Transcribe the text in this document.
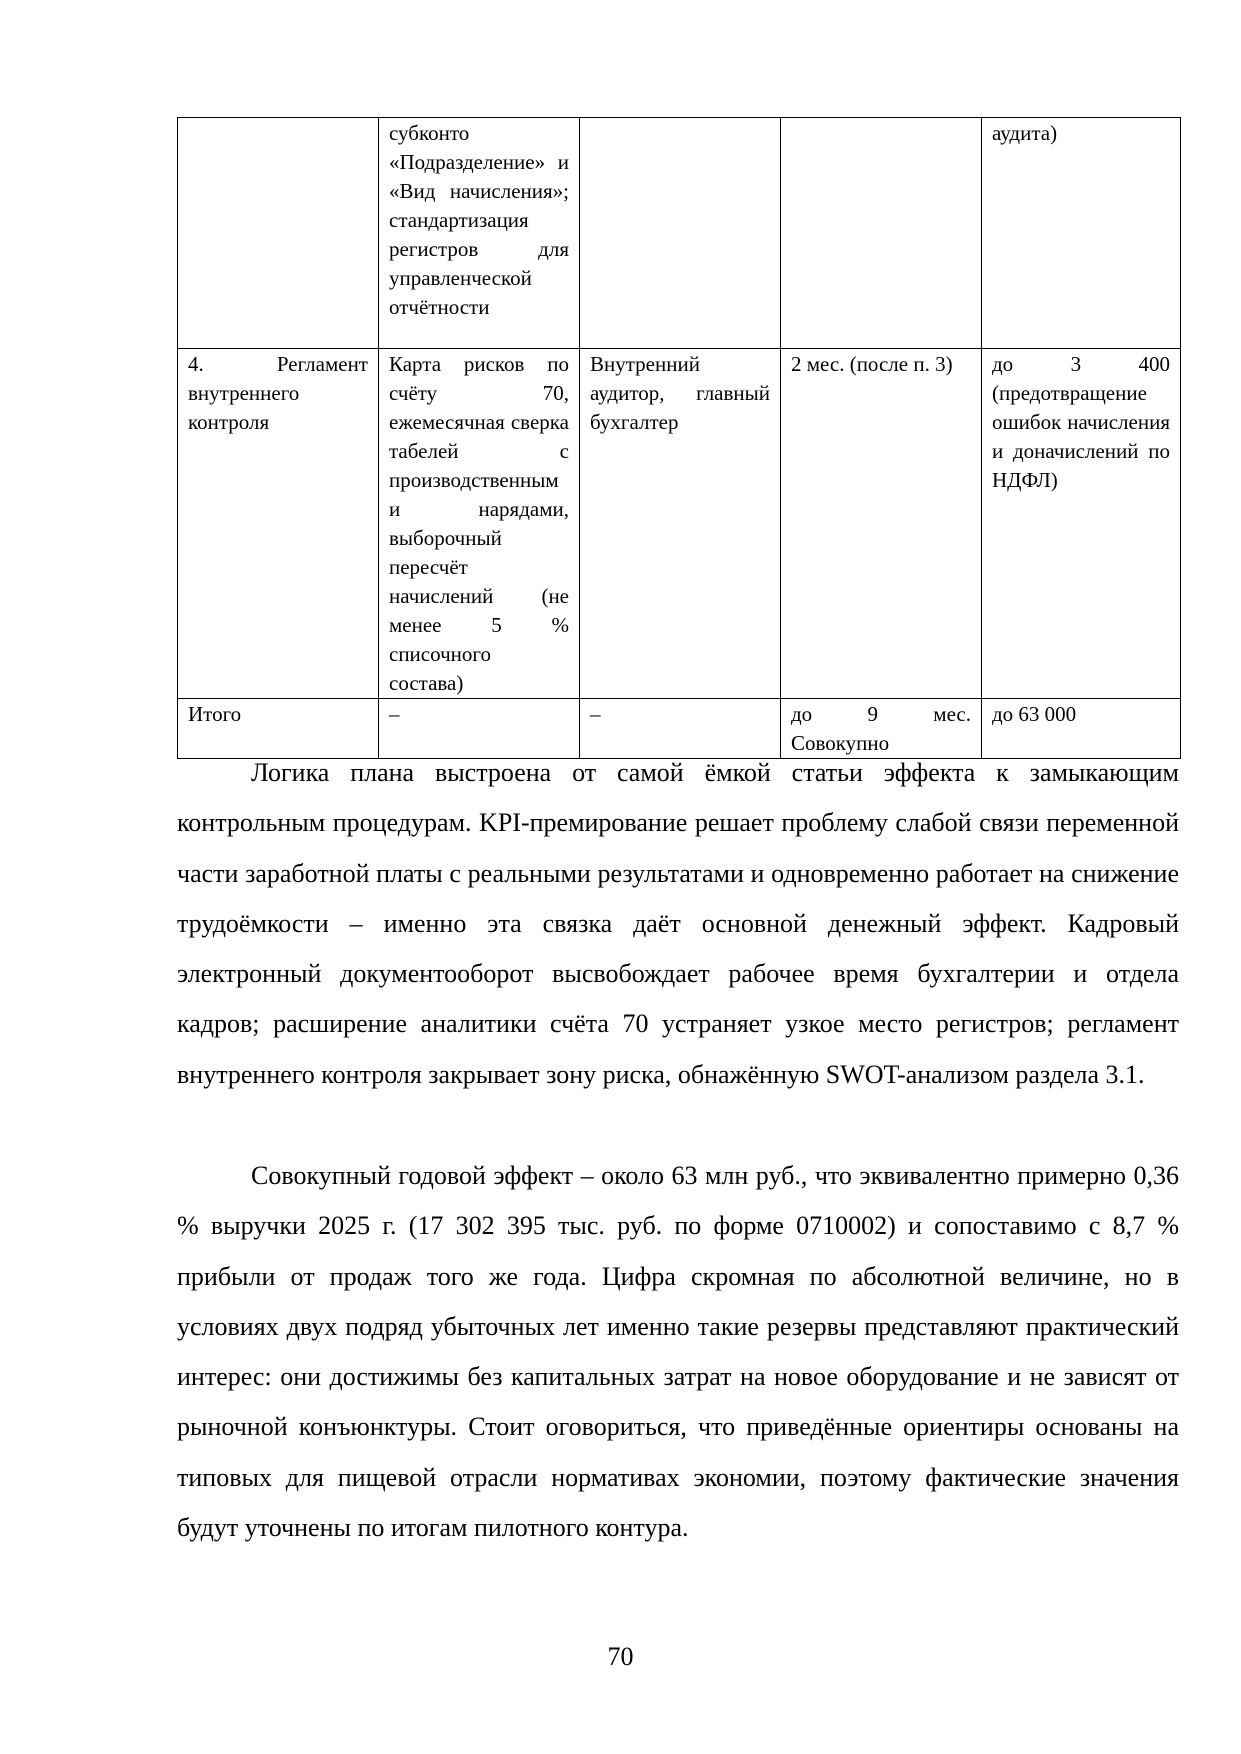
	субконто «Подразделение» и «Вид начисления»; стандартизация регистров для управленческой отчётности			аудита)
4. Регламент внутреннего контроля	Карта рисков по счёту 70, ежемесячная сверка табелей с производственными нарядами, выборочный пересчёт начислений (не менее 5 % списочного состава)	Внутренний аудитор, главный бухгалтер	2 мес. (после п. 3)	до 3 400 (предотвращение ошибок начисления и доначислений по НДФЛ)
Итого	–	–	до 9 мес. Совокупно	до 63 000

Логика плана выстроена от самой ёмкой статьи эффекта к замыкающим контрольным процедурам. KPI-премирование решает проблему слабой связи переменной части заработной платы с реальными результатами и одновременно работает на снижение трудоёмкости – именно эта связка даёт основной денежный эффект. Кадровый электронный документооборот высвобождает рабочее время бухгалтерии и отдела кадров; расширение аналитики счёта 70 устраняет узкое место регистров; регламент внутреннего контроля закрывает зону риска, обнажённую SWOT-анализом раздела 3.1.

Совокупный годовой эффект – около 63 млн руб., что эквивалентно примерно 0,36 % выручки 2025 г. (17 302 395 тыс. руб. по форме 0710002) и сопоставимо с 8,7 % прибыли от продаж того же года. Цифра скромная по абсолютной величине, но в условиях двух подряд убыточных лет именно такие резервы представляют практический интерес: они достижимы без капитальных затрат на новое оборудование и не зависят от рыночной конъюнктуры. Стоит оговориться, что приведённые ориентиры основаны на типовых для пищевой отрасли нормативах экономии, поэтому фактические значения будут уточнены по итогам пилотного контура.

70
